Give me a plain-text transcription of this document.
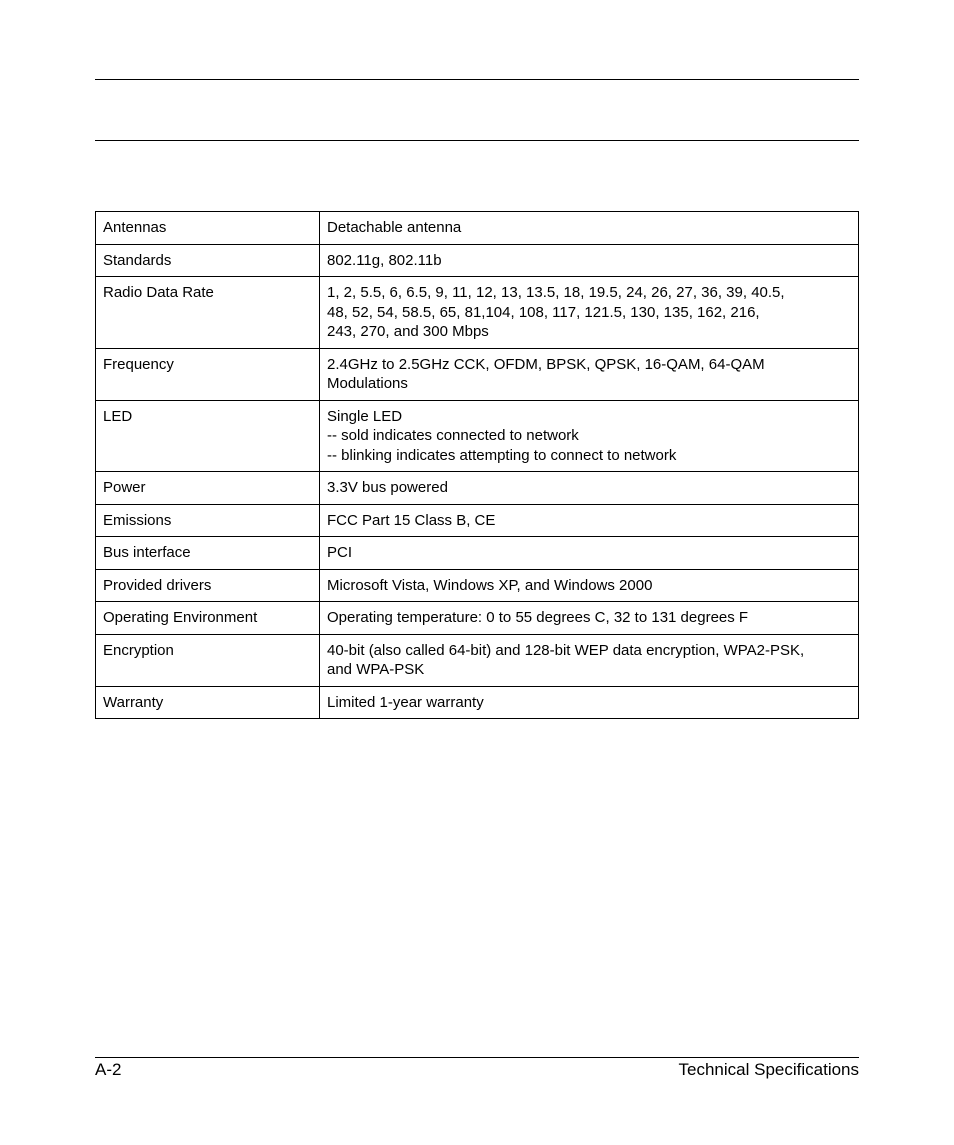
Antennas	Detachable antenna

Standards	802.11g, 802.11b

Radio Data Rate	1, 2, 5.5, 6, 6.5, 9, 11, 12, 13, 13.5, 18, 19.5, 24, 26, 27, 36, 39, 40.5,
48, 52, 54, 58.5, 65, 81,104, 108, 117, 121.5, 130, 135, 162, 216,
243, 270, and 300 Mbps

Frequency	2.4GHz to 2.5GHz CCK, OFDM, BPSK, QPSK, 16-QAM, 64-QAM
Modulations

LED	Single LED
-- sold indicates connected to network
-- blinking indicates attempting to connect to network

Power	3.3V bus powered

Emissions	FCC Part 15 Class B, CE

Bus interface	PCI

Provided drivers	Microsoft Vista, Windows XP, and Windows 2000

Operating Environment	Operating temperature: 0 to 55 degrees C, 32 to 131 degrees F

Encryption	40-bit (also called 64-bit) and 128-bit WEP data encryption, WPA2-PSK,
and WPA-PSK

Warranty	Limited 1-year warranty
A-2	Technical Specifications
